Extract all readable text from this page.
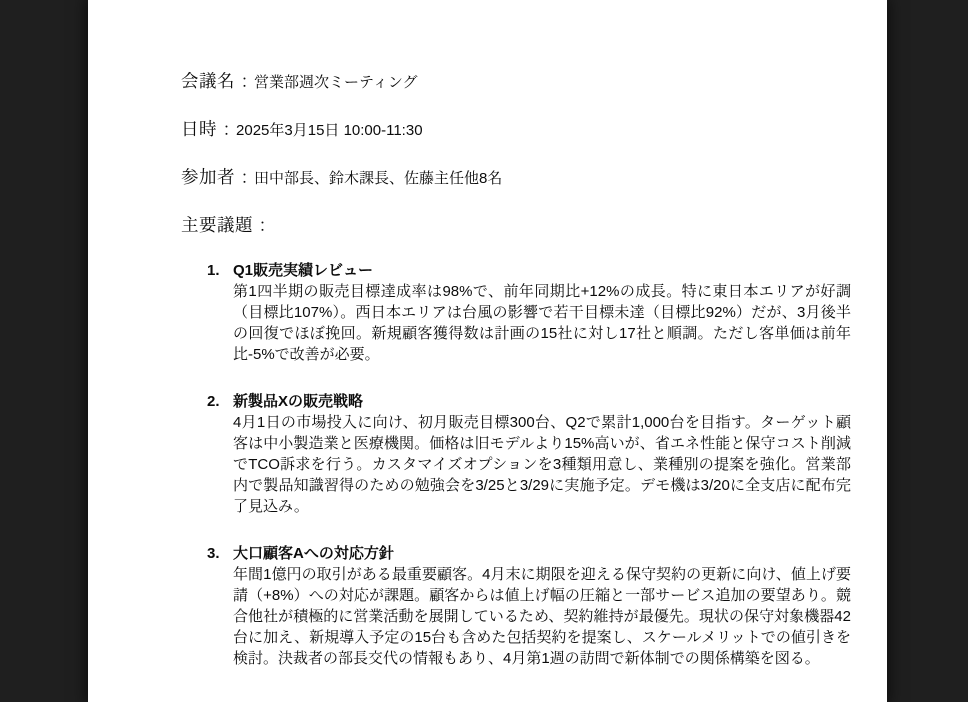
会議名 ： 営業部週次ミーティング

日時 ： 2025年3月15日 10:00-11:30

参加者 ： 田中部長、鈴木課長、佐藤主任他8名

主要議題 ：

1. Q1販売実績レビュー
第1四半期の販売目標達成率は98%で、前年同期比+12%の成長。特に東日本エリアが好調（目標比107%）。西日本エリアは台風の影響で若干目標未達（目標比92%）だが、3月後半の回復でほぼ挽回。新規顧客獲得数は計画の15社に対し17社と順調。ただし客単価は前年比-5%で改善が必要。
2. 新製品Xの販売戦略
4月1日の市場投入に向け、初月販売目標300台、Q2で累計1,000台を目指す。ターゲット顧客は中小製造業と医療機関。価格は旧モデルより15%高いが、省エネ性能と保守コスト削減でTCO訴求を行う。カスタマイズオプションを3種類用意し、業種別の提案を強化。営業部内で製品知識習得のための勉強会を3/25と3/29に実施予定。デモ機は3/20に全支店に配布完了見込み。
3. 大口顧客Aへの対応方針
年間1億円の取引がある最重要顧客。4月末に期限を迎える保守契約の更新に向け、値上げ要請（+8%）への対応が課題。顧客からは値上げ幅の圧縮と一部サービス追加の要望あり。競合他社が積極的に営業活動を展開しているため、契約維持が最優先。現状の保守対象機器42台に加え、新規導入予定の15台も含めた包括契約を提案し、スケールメリットでの値引きを検討。決裁者の部長交代の情報もあり、4月第1週の訪問で新体制での関係構築を図る。
